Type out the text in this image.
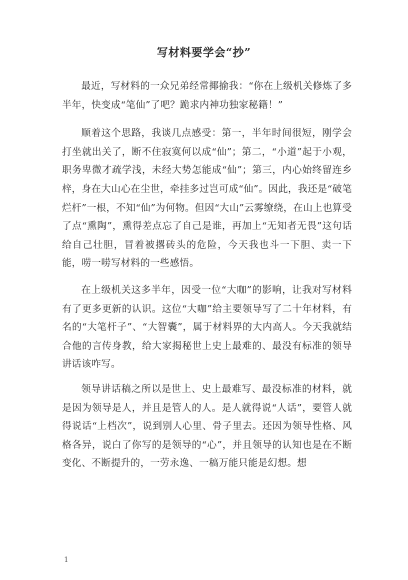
写材料要学会“抄”

最近，写材料的一众兄弟经常揶揄我：“你在上级机关修炼了多半年，快变成“笔仙”了吧？跪求内神功独家秘籍！”

顺着这个思路，我谈几点感受：第一，半年时间很短，刚学会打坐就出关了，断不住寂寞何以成“仙”；第二，“小道”起于小观，职务卑微才疏学浅，未经大势怎能成“仙”；第三，内心始终留连乡梓，身在大山心在尘世，牵挂多过岂可成“仙”。因此，我还是“破笔烂杆”一根，不知“仙”为何物。但因“大山”云雾缭绕，在山上也算受了点“熏陶”，熏得差点忘了自己是谁，再加上“无知者无畏”这句话给自己壮胆，冒着被撂砖头的危险，今天我也斗一下胆、卖一下能，唠一唠写材料的一些感悟。

在上级机关这多半年，因受一位“大咖”的影响，让我对写材料有了更多更新的认识。这位“大咖”给主要领导写了二十年材料，有名的“大笔杆子”、“大智囊”，属于材料界的大内高人。今天我就结合他的言传身教，给大家揭秘世上史上最难的、最没有标准的领导讲话该咋写。

领导讲话稿之所以是世上、史上最难写、最没标准的材料，就是因为领导是人，并且是管人的人。是人就得说“人话”，要管人就得说话“上档次”，说到别人心里、骨子里去。还因为领导性格、风格各异，说白了你写的是领导的“心”，并且领导的认知也是在不断变化、不断提升的，一劳永逸、一稿万能只能是幻想。想

1
